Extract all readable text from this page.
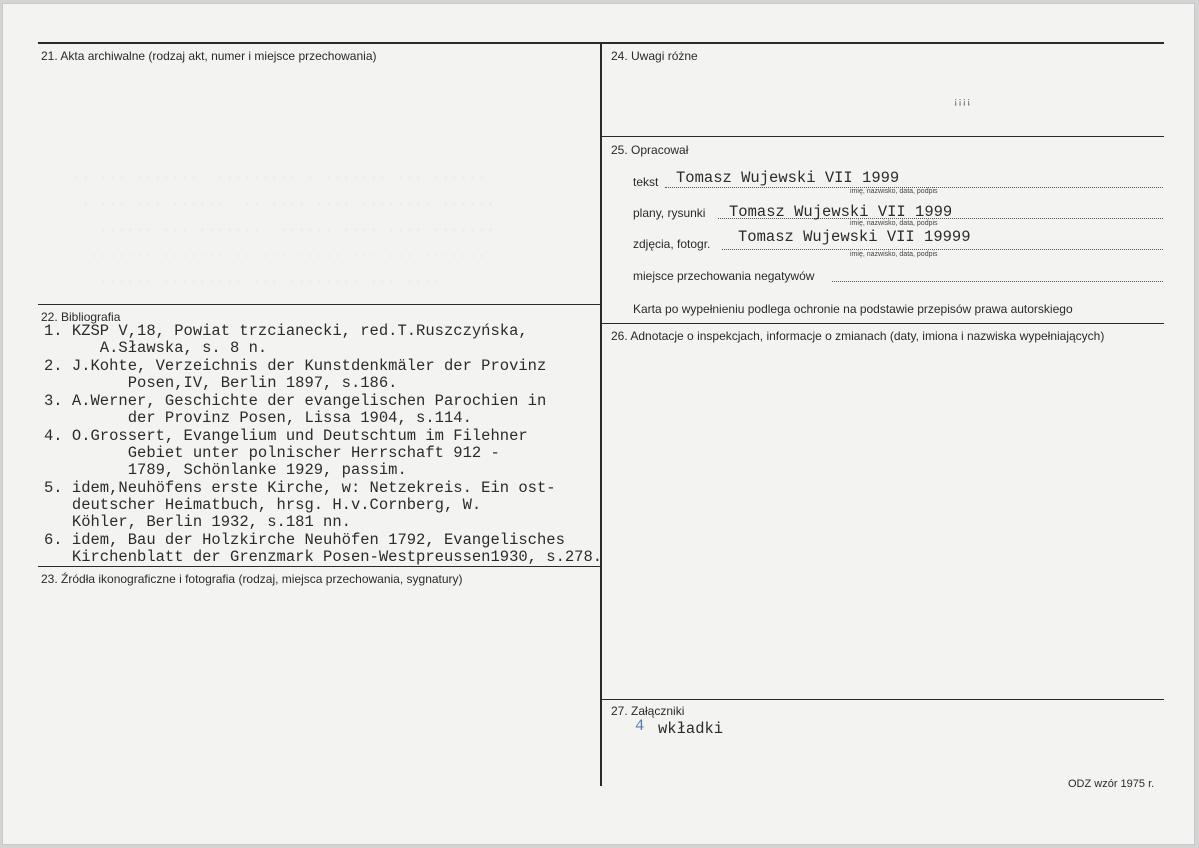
.. ... .......  ......... . ....... ... ......
. ... ... ......  .. .... .... ........ ......
...... ... .......  ...... .... .... .......
....... ....... .. ... ..... ... ... .......
...... ......... ... ........ ... ....
21. Akta archiwalne (rodzaj akt, numer i miejsce przechowania)
22. Bibliografia
23. Źródła ikonograficzne i fotografia (rodzaj, miejsca przechowania, sygnatury)
24. Uwagi różne
25. Opracował
26. Adnotacje o inspekcjach, informacje o zmianach (daty, imiona i nazwiska wypełniających)
27. Załączniki
ꜟꜟꜟꜟ
tekst Tomasz Wujewski VII 1999
imię, nazwisko, data, podpis
plany, rysunki Tomasz Wujewski VII 1999
imię, nazwisko, data, podpis
zdjęcia, fotogr. Tomasz Wujewski VII 19999
imię, nazwisko, data, podpis
miejsce przechowania negatywów
Karta po wypełnieniu podlega ochronie na podstawie przepisów prawa autorskiego
1. KZSP V,18, Powiat trzcianecki, red.T.Ruszczyńska,
A.Sławska, s. 8 n.
2. J.Kohte, Verzeichnis der Kunstdenkmäler der Provinz
Posen,IV, Berlin 1897, s.186.
3. A.Werner, Geschichte der evangelischen Parochien in
der Provinz Posen, Lissa 1904, s.114.
4. O.Grossert, Evangelium und Deutschtum im Filehner
Gebiet unter polnischer Herrschaft 912 -
1789, Schönlanke 1929, passim.
5. idem,Neuhöfens erste Kirche, w: Netzekreis. Ein ost-
deutscher Heimatbuch, hrsg. H.v.Cornberg, W.
Köhler, Berlin 1932, s.181 nn.
6. idem, Bau der Holzkirche Neuhöfen 1792, Evangelisches
Kirchenblatt der Grenzmark Posen-Westpreussen1930, s.278.
4 wkładki
ODZ wzór 1975 r.
